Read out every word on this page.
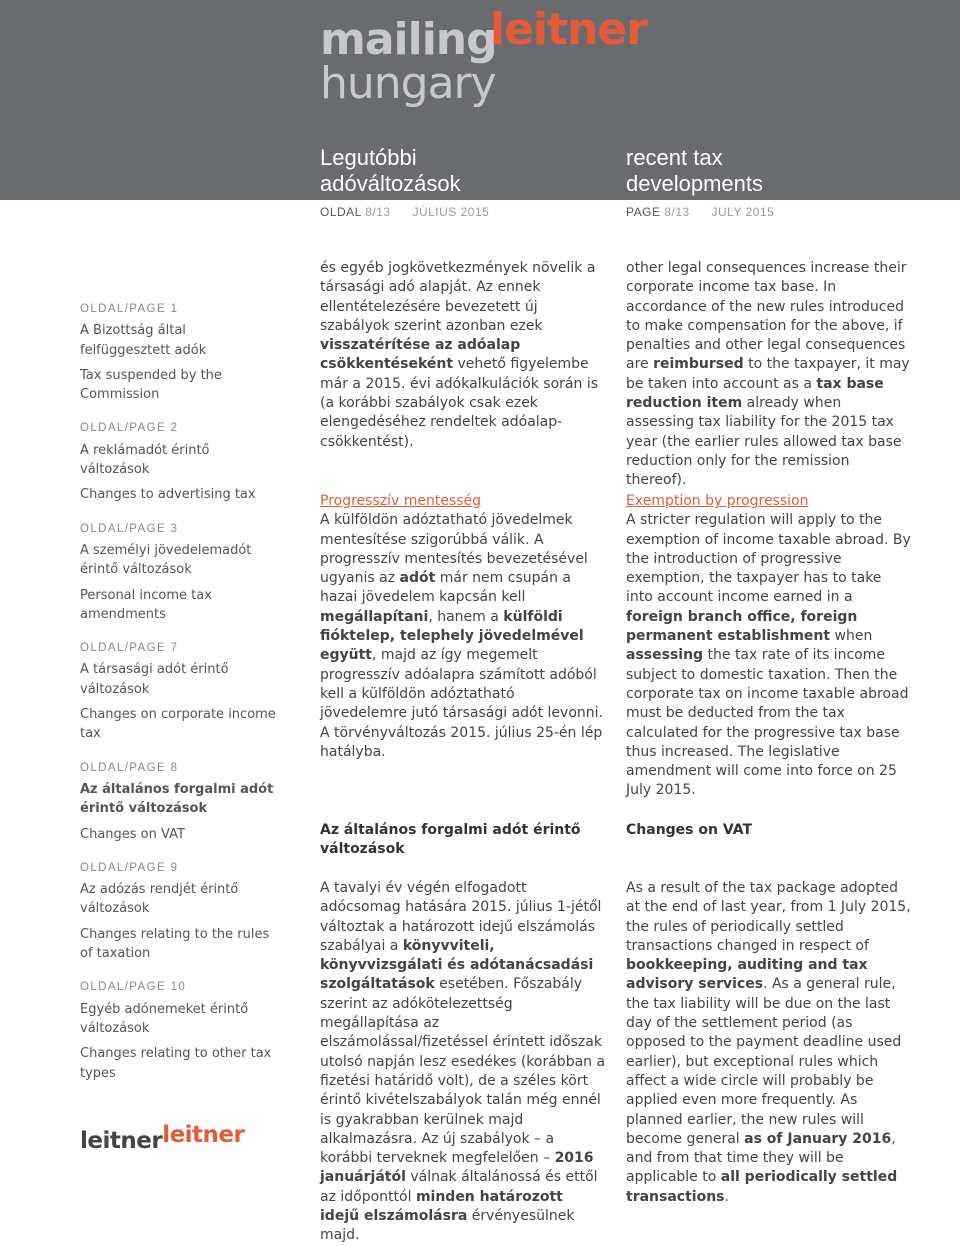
mailing
leitner
hungary
Legutóbbi
adóváltozások
recent tax
developments
OLDAL 8/13 JÚLIUS 2015	PAGE 8/13 JULY 2015
OLDAL/PAGE 1
A Bizottság által felfüggesztett adók
Tax suspended by the Commission
OLDAL/PAGE 2
A reklámadót érintő változások
Changes to advertising tax
OLDAL/PAGE 3
A személyi jövedelemadót érintő változások
Personal income tax amendments
OLDAL/PAGE 7
A társasági adót érintő változások
Changes on corporate income tax
OLDAL/PAGE 8
Az általános forgalmi adót érintő változások
Changes on VAT
OLDAL/PAGE 9
Az adózás rendjét érintő változások
Changes relating to the rules of taxation
OLDAL/PAGE 10
Egyéb adónemeket érintő változások
Changes relating to other tax types
és egyéb jogkövetkezmények növelik a társasági adó alapját. Az ennek ellentételezésére bevezetett új szabályok szerint azonban ezek visszatérítése az adóalap csökkentéseként vehető figyelembe már a 2015. évi adókalkulációk során is (a korábbi szabályok csak ezek elengedéséhez rendeltek adóalap-csökkentést).
other legal consequences increase their corporate income tax base. In accordance of the new rules introduced to make compensation for the above, if penalties and other legal consequences are reimbursed to the taxpayer, it may be taken into account as a tax base reduction item already when assessing tax liability for the 2015 tax year (the earlier rules allowed tax base reduction only for the remission thereof).
Progresszív mentesség
A külföldön adóztatható jövedelmek mentesítése szigorúbbá válik. A progresszív mentesítés bevezetésével ugyanis az adót már nem csupán a hazai jövedelem kapcsán kell megállapítani, hanem a külföldi fióktelep, telephely jövedelmével együtt, majd az így megemelt progresszív adóalapra számított adóból kell a külföldön adóztatható jövedelemre jutó társasági adót levonni. A törvényváltozás 2015. július 25-én lép hatályba.
Exemption by progression
A stricter regulation will apply to the exemption of income taxable abroad. By the introduction of progressive exemption, the taxpayer has to take into account income earned in a foreign branch office, foreign permanent establishment when assessing the tax rate of its income subject to domestic taxation. Then the corporate tax on income taxable abroad must be deducted from the tax calculated for the progressive tax base thus increased. The legislative amendment will come into force on 25 July 2015.
Az általános forgalmi adót érintő változások
Changes on VAT
A tavalyi év végén elfogadott adócsomag hatására 2015. július 1-jétől változtak a határozott idejű elszámolás szabályai a könyvviteli, könyvvizsgálati és adótanácsadási szolgáltatások esetében. Főszabály szerint az adókötelezettség megállapítása az elszámolással/fizetéssel érintett időszak utolsó napján lesz esedékes (korábban a fizetési határidő volt), de a széles kört érintő kivételszabályok talán még ennél is gyakrabban kerülnek majd alkalmazásra. Az új szabályok – a korábbi terveknek megfelelően – 2016 januárjától válnak általánossá és ettől az időponttól minden határozott idejű elszámolásra érvényesülnek majd.
As a result of the tax package adopted at the end of last year, from 1 July 2015, the rules of periodically settled transactions changed in respect of bookkeeping, auditing and tax advisory services. As a general rule, the tax liability will be due on the last day of the settlement period (as opposed to the payment deadline used earlier), but exceptional rules which affect a wide circle will probably be applied even more frequently. As planned earlier, the new rules will become general as of January 2016, and from that time they will be applicable to all periodically settled transactions.
leitnerleitner
